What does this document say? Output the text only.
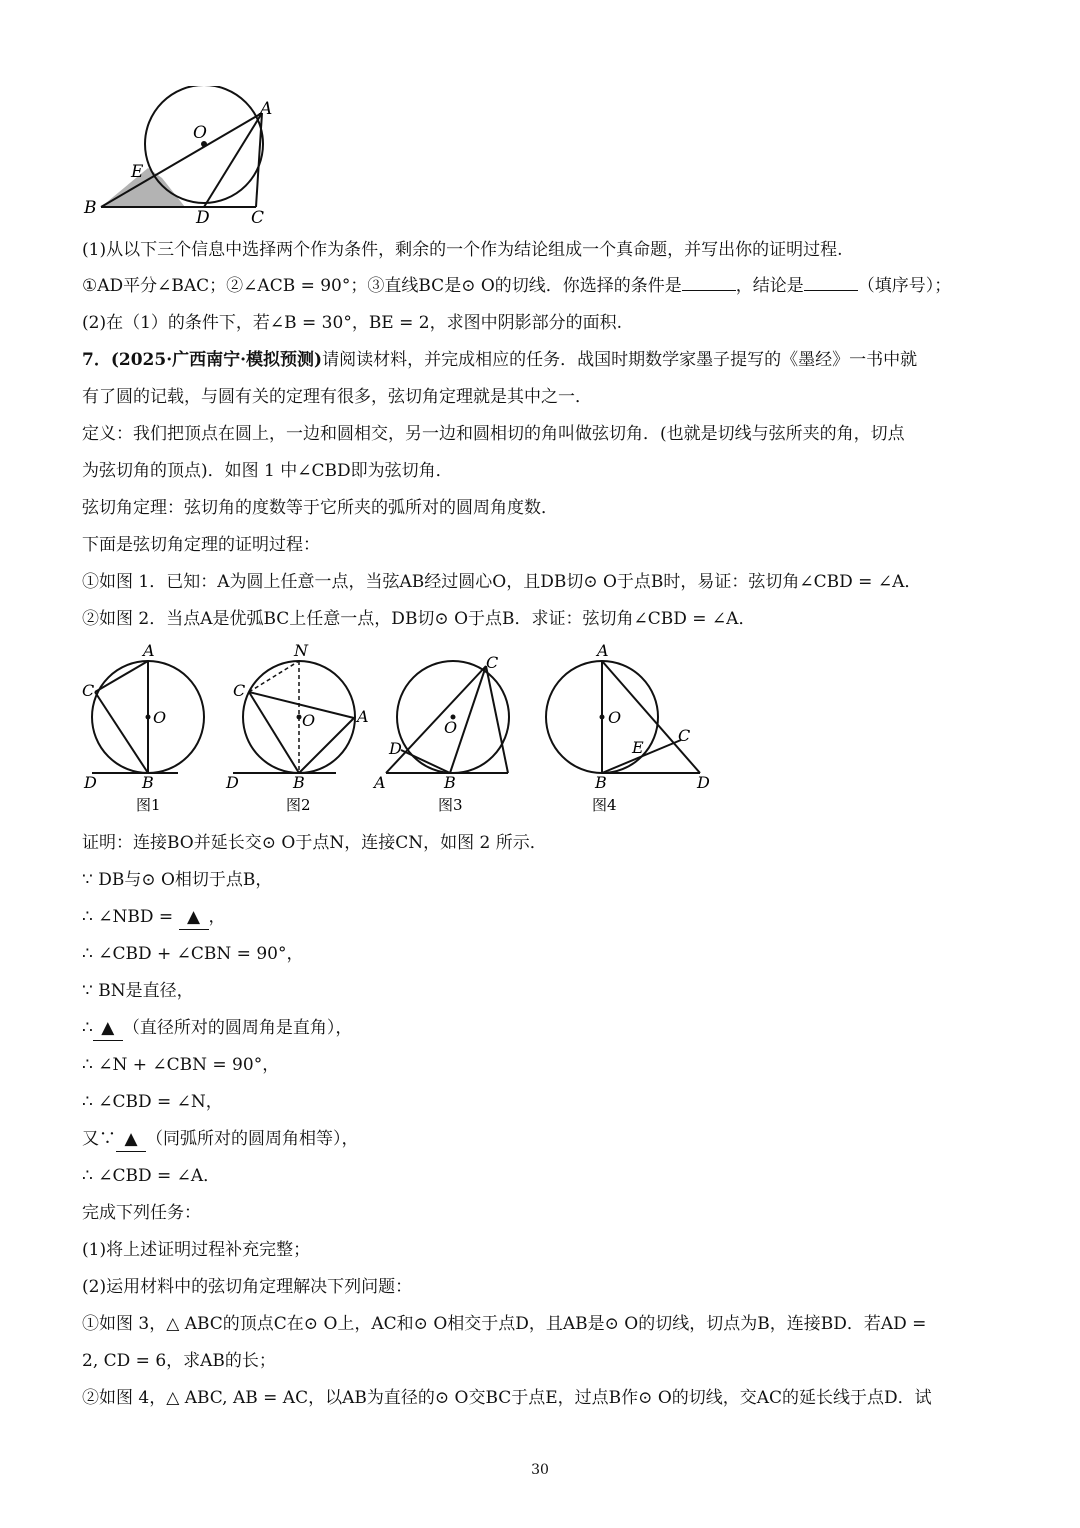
O
A
E
B	D C
(1)从以下三个信息中选择两个作为条件，剩余的一个作为结论组成一个真命题，并写出你的证明过程.
①AD平分∠BAC；②∠ACB = 90°；③直线BC是⊙ O的切线．你选择的条件是	，结论是	（填序号）；
(2)在（1）的条件下，若∠B = 30°，BE = 2，求图中阴影部分的面积.
7．(2025·广西南宁·模拟预测)请阅读材料，并完成相应的任务．战国时期数学家墨子提写的《墨经》一书中就
有了圆的记载，与圆有关的定理有很多，弦切角定理就是其中之一．
定义：我们把顶点在圆上，一边和圆相交，另一边和圆相切的角叫做弦切角．(也就是切线与弦所夹的角，切点
为弦切角的顶点)．如图 1 中∠CBD即为弦切角．
弦切角定理：弦切角的度数等于它所夹的弧所对的圆周角度数．
下面是弦切角定理的证明过程：
①如图 1．已知：A为圆上任意一点，当弦AB经过圆心O，且DB切⊙ O于点B时，易证：弦切角∠CBD = ∠A．
②如图 2．当点A是优弧BC上任意一点，DB切⊙ O于点B．求证：弦切角∠CBD = ∠A．
A
C
O
D	B
图1
N
C
O	A
D	B
图2
C
O
D
A	B
图3
A
O
C
E
B	D
图4
证明：连接BO并延长交⊙ O于点N，连接CN，如图 2 所示．
∵ DB与⊙ O相切于点B，
∴ ∠NBD = ▲ ，
∴ ∠CBD + ∠CBN = 90°，
∵ BN是直径，
∴ ▲ （直径所对的圆周角是直角），
∴ ∠N + ∠CBN = 90°，
∴ ∠CBD = ∠N，
又∵ ▲ （同弧所对的圆周角相等），
∴ ∠CBD = ∠A．
完成下列任务：
(1)将上述证明过程补充完整；
(2)运用材料中的弦切角定理解决下列问题：
①如图 3，△ ABC的顶点C在⊙ O上，AC和⊙ O相交于点D，且AB是⊙ O的切线，切点为B，连接BD．若AD =
2, CD = 6，求AB的长；
②如图 4，△ ABC, AB = AC，以AB为直径的⊙ O交BC于点E，过点B作⊙ O的切线，交AC的延长线于点D．试
30
